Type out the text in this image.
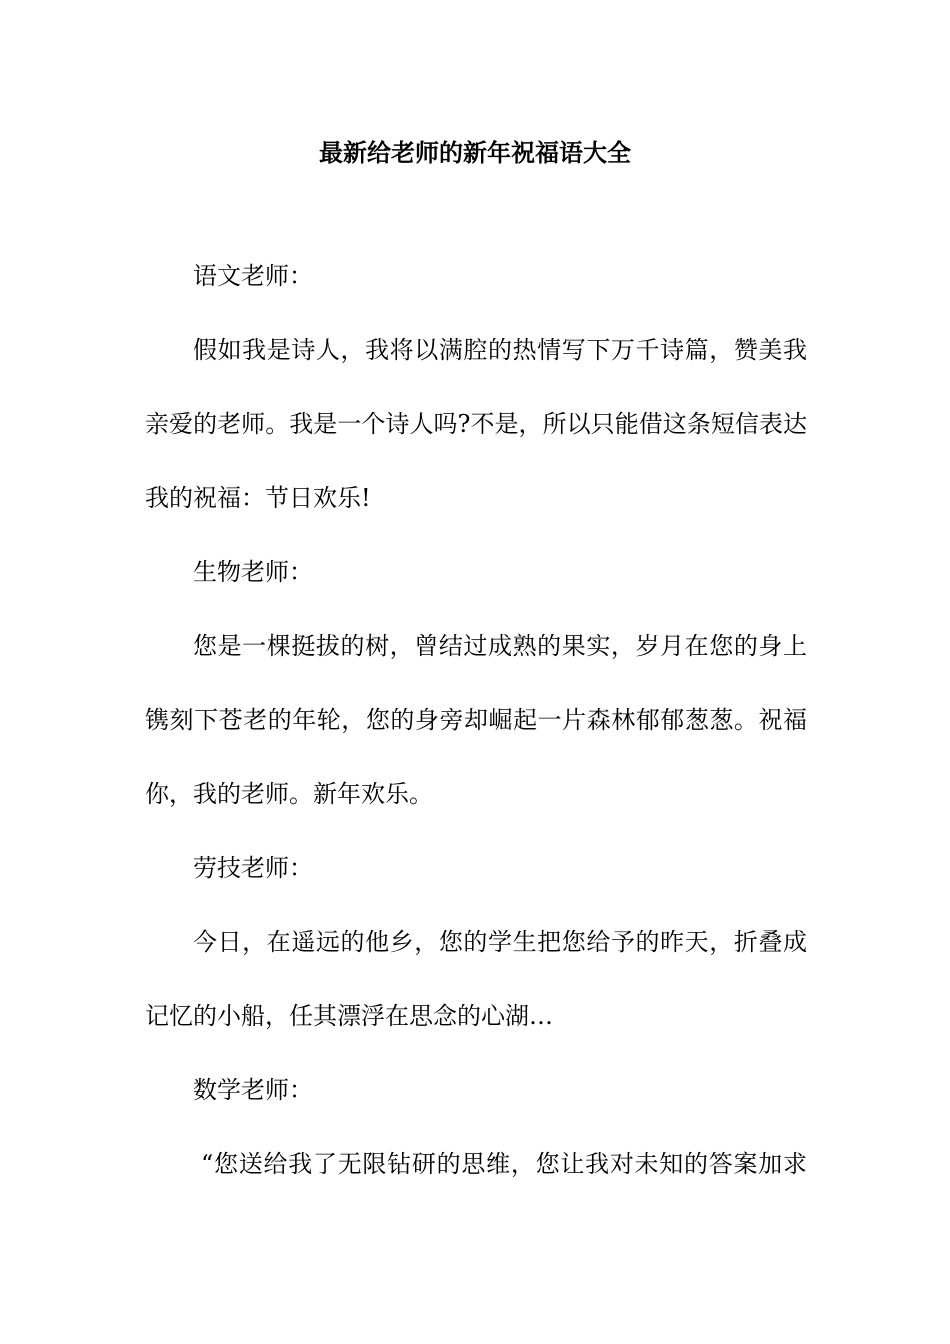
最新给老师的新年祝福语大全

语文老师：

假如我是诗人，我将以满腔的热情写下万千诗篇，赞美我

亲爱的老师。我是一个诗人吗?不是，所以只能借这条短信表达

我的祝福：节日欢乐!

生物老师：

您是一棵挺拔的树，曾结过成熟的果实，岁月在您的身上

镌刻下苍老的年轮，您的身旁却崛起一片森林郁郁葱葱。祝福

你，我的老师。新年欢乐。

劳技老师：

今日，在遥远的他乡，您的学生把您给予的昨天，折叠成

记忆的小船，任其漂浮在思念的心湖…

数学老师：

“您送给我了无限钻研的思维，您让我对未知的答案加求
